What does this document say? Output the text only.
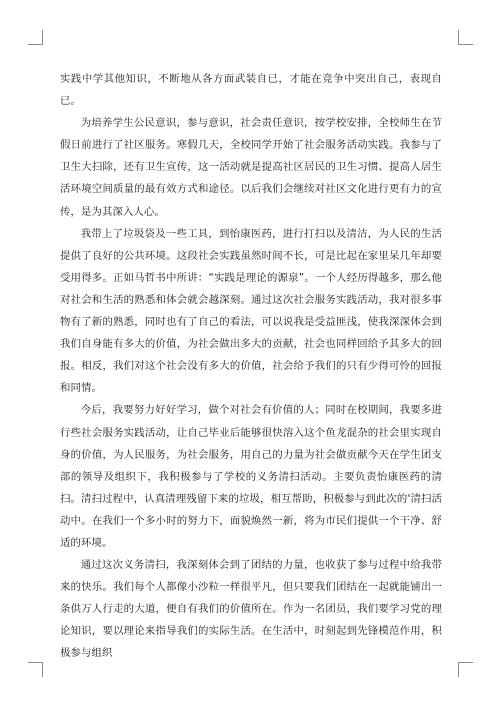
实践中学其他知识，不断地从各方面武装自已，才能在竞争中突出自己，表现自已。

为培养学生公民意识，参与意识，社会责任意识，按学校安排，全校师生在节假日前进行了社区服务。寒假几天，全校同学开始了社会服务活动实践。我参与了卫生大扫除，还有卫生宣传，这一活动就是提高社区居民的卫生习惯、提高人居生活环境空间质量的最有效方式和途径。以后我们会继续对社区文化进行更有力的宣传，是为其深入人心。

我带上了垃圾袋及一些工具，到怡康医药，进行打扫以及清洁，为人民的生活提供了良好的公共环境。这段社会实践虽然时间不长，可是比起在家里呆几年却要受用得多。正如马哲书中所讲：“实践是理论的源泉”。一个人经历得越多，那么他对社会和生活的熟悉和体会就会越深刻。通过这次社会服务实践活动，我对很多事物有了新的熟悉，同时也有了自己的看法，可以说我是受益匪浅，使我深深体会到我们自身能有多大的价值，为社会做出多大的贡献，社会也同样回给予其多大的回报。相反，我们对这个社会没有多大的价值，社会给予我们的只有少得可怜的回报和同情。

今后，我要努力好好学习，做个对社会有价值的人；同时在校期间，我要多进行些社会服务实践活动，让自己毕业后能够很快溶入这个鱼龙混杂的社会里实现自身的价值，为人民服务，为社会服务，用自己的力量为社会做贡献今天在学生团支部的领导及组织下，我积极参与了学校的义务清扫活动。主要负责怡康医药的清扫。清扫过程中，认真清理残留下来的垃圾，相互帮助，积极参与到此次的'清扫活动中。在我们一个多小时的努力下，面貌焕然一新，将为市民们提供一个干净、舒适的环境。

通过这次义务清扫，我深刻体会到了团结的力量，也收获了参与过程中给我带来的快乐。我们每个人都像小沙粒一样很平凡，但只要我们团结在一起就能铺出一条供万人行走的大道，便自有我们的价值所在。作为一名团员，我们要学习党的理论知识，要以理论来指导我们的实际生活。在生活中，时刻起到先锋模范作用，积极参与组织
